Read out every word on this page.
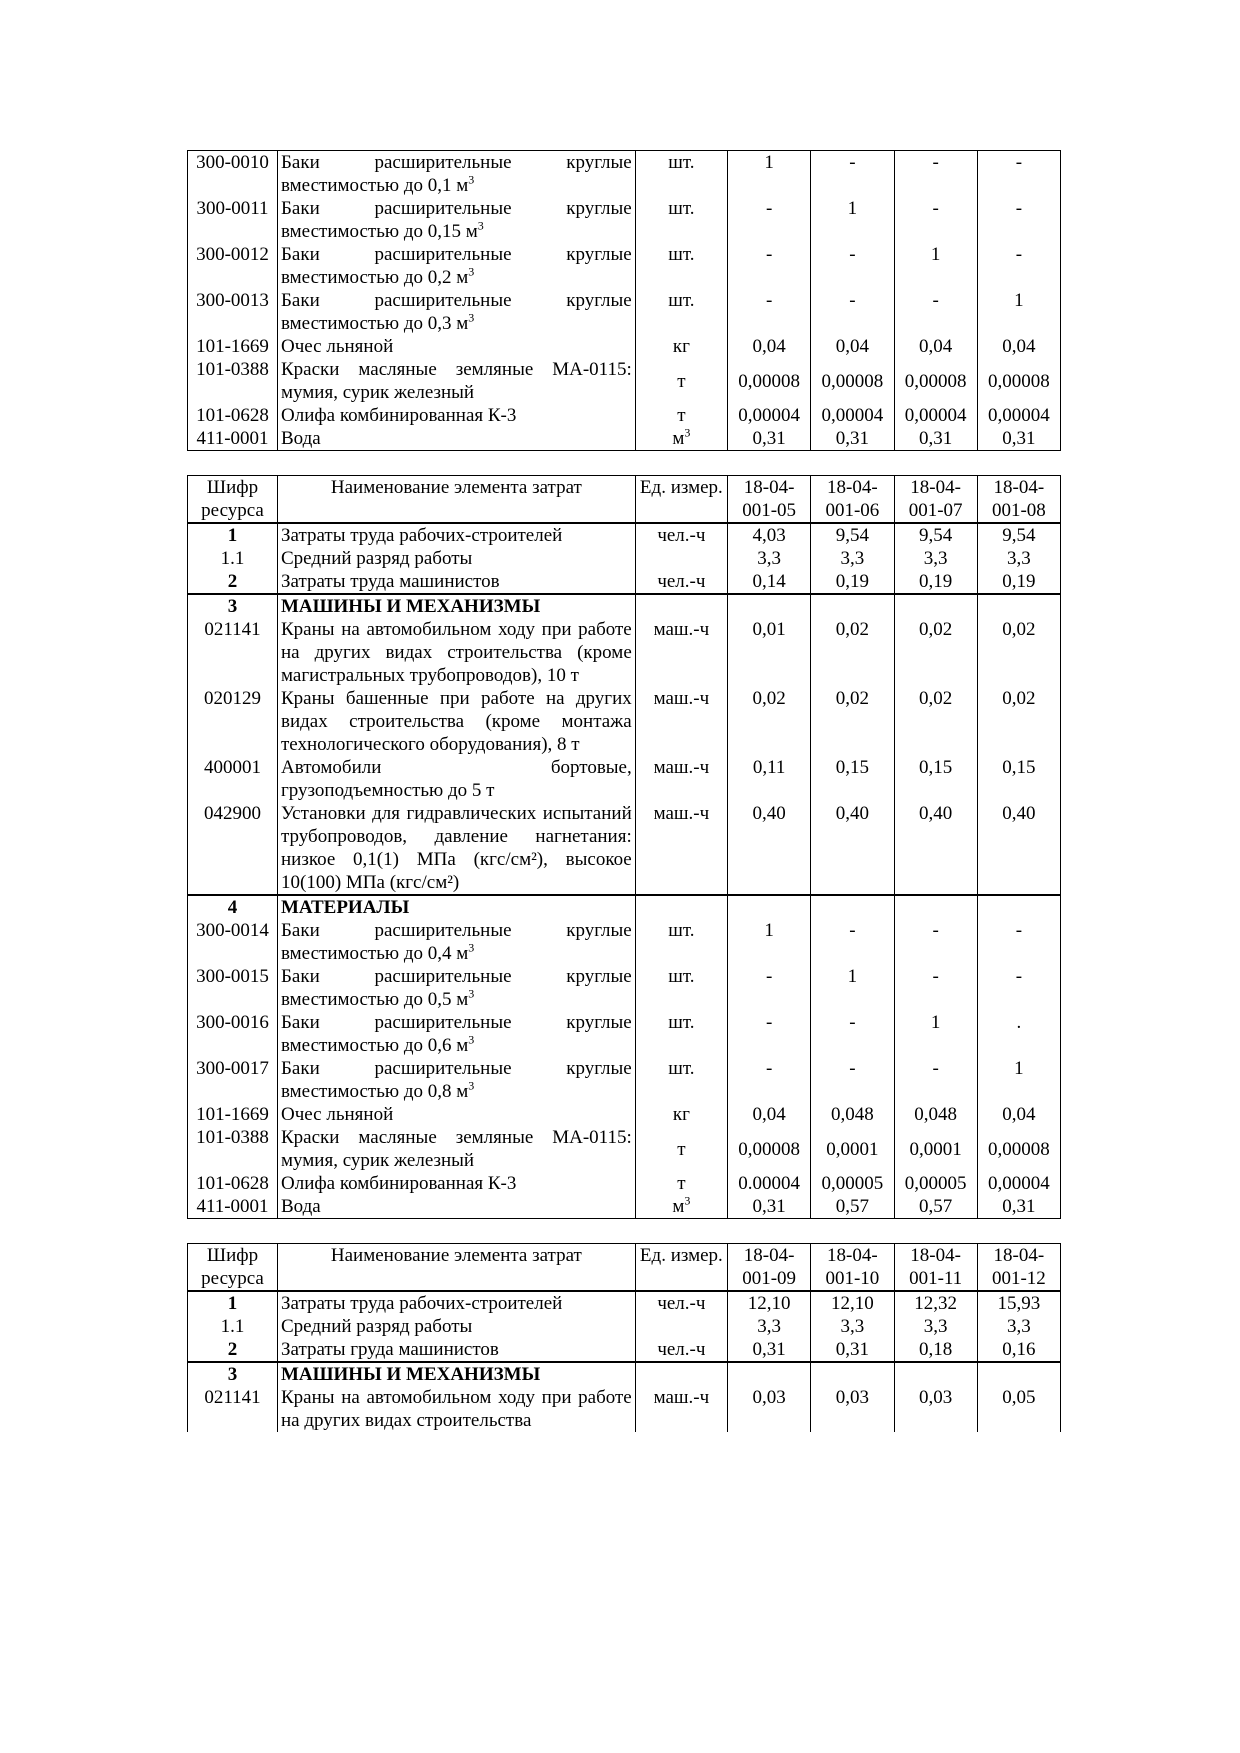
300-0010	Баки расширительные круглые вместимостью до 0,1 $м^3$	шт.	1	-	-	-
300-0011	Баки расширительные круглые вместимостью до 0,15 $м^3$	шт.	-	1	-	-
300-0012	Баки расширительные круглые вместимостью до 0,2 $м^3$	шт.	-	-	1	-
300-0013	Баки расширительные круглые вместимостью до 0,3 $м^3$	шт.	-	-	-	1
101-1669	Очес льняной	кг	0,04	0,04	0,04	0,04
101-0388	Краски масляные земляные МА-0115: мумия, сурик железный	т	0,00008	0,00008	0,00008	0,00008
101-0628	Олифа комбинированная К-3	т	0,00004	0,00004	0,00004	0,00004
411-0001	Вода	$м^3$	0,31	0,31	0,31	0,31
Шифр ресурса	Наименование элемента затрат	Ед. измер.	18-04-001-05	18-04-001-06	18-04-001-07	18-04-001-08
1	Затраты труда рабочих-строителей	чел.-ч	4,03	9,54	9,54	9,54
1.1	Средний разряд работы		3,3	3,3	3,3	3,3
2	Затраты труда машинистов	чел.-ч	0,14	0,19	0,19	0,19
3	МАШИНЫ И МЕХАНИЗМЫ					
021141	Краны на автомобильном ходу при работе на других видах строительства (кроме магистральных трубопроводов), 10 т	маш.-ч	0,01	0,02	0,02	0,02
020129	Краны башенные при работе на других видах строительства (кроме монтажа технологического оборудования), 8 т	маш.-ч	0,02	0,02	0,02	0,02
400001	Автомобили бортовые, грузоподъемностью до 5 т	маш.-ч	0,11	0,15	0,15	0,15
042900	Установки для гидравлических испытаний трубопроводов, давление нагнетания: низкое 0,1(1) МПа (кгс/см²), высокое 10(100) МПа (кгс/см²)	маш.-ч	0,40	0,40	0,40	0,40
4	МАТЕРИАЛЫ					
300-0014	Баки расширительные круглые вместимостью до 0,4 $м^3$	шт.	1	-	-	-
300-0015	Баки расширительные круглые вместимостью до 0,5 $м^3$	шт.	-	1	-	-
300-0016	Баки расширительные круглые вместимостью до 0,6 $м^3$	шт.	-	-	1	.
300-0017	Баки расширительные круглые вместимостью до 0,8 $м^3$	шт.	-	-	-	1
101-1669	Очес льняной	кг	0,04	0,048	0,048	0,04
101-0388	Краски масляные земляные МА-0115: мумия, сурик железный	т	0,00008	0,0001	0,0001	0,00008
101-0628	Олифа комбинированная К-3	т	0.00004	0,00005	0,00005	0,00004
411-0001	Вода	$м^3$	0,31	0,57	0,57	0,31
Шифр ресурса	Наименование элемента затрат	Ед. измер.	18-04-001-09	18-04-001-10	18-04-001-11	18-04-001-12
1	Затраты труда рабочих-строителей	чел.-ч	12,10	12,10	12,32	15,93
1.1	Средний разряд работы		3,3	3,3	3,3	3,3
2	Затраты груда машинистов	чел.-ч	0,31	0,31	0,18	0,16
3	МАШИНЫ И МЕХАНИЗМЫ					
021141	Краны на автомобильном ходу при работе на других видах строительства	маш.-ч	0,03	0,03	0,03	0,05
